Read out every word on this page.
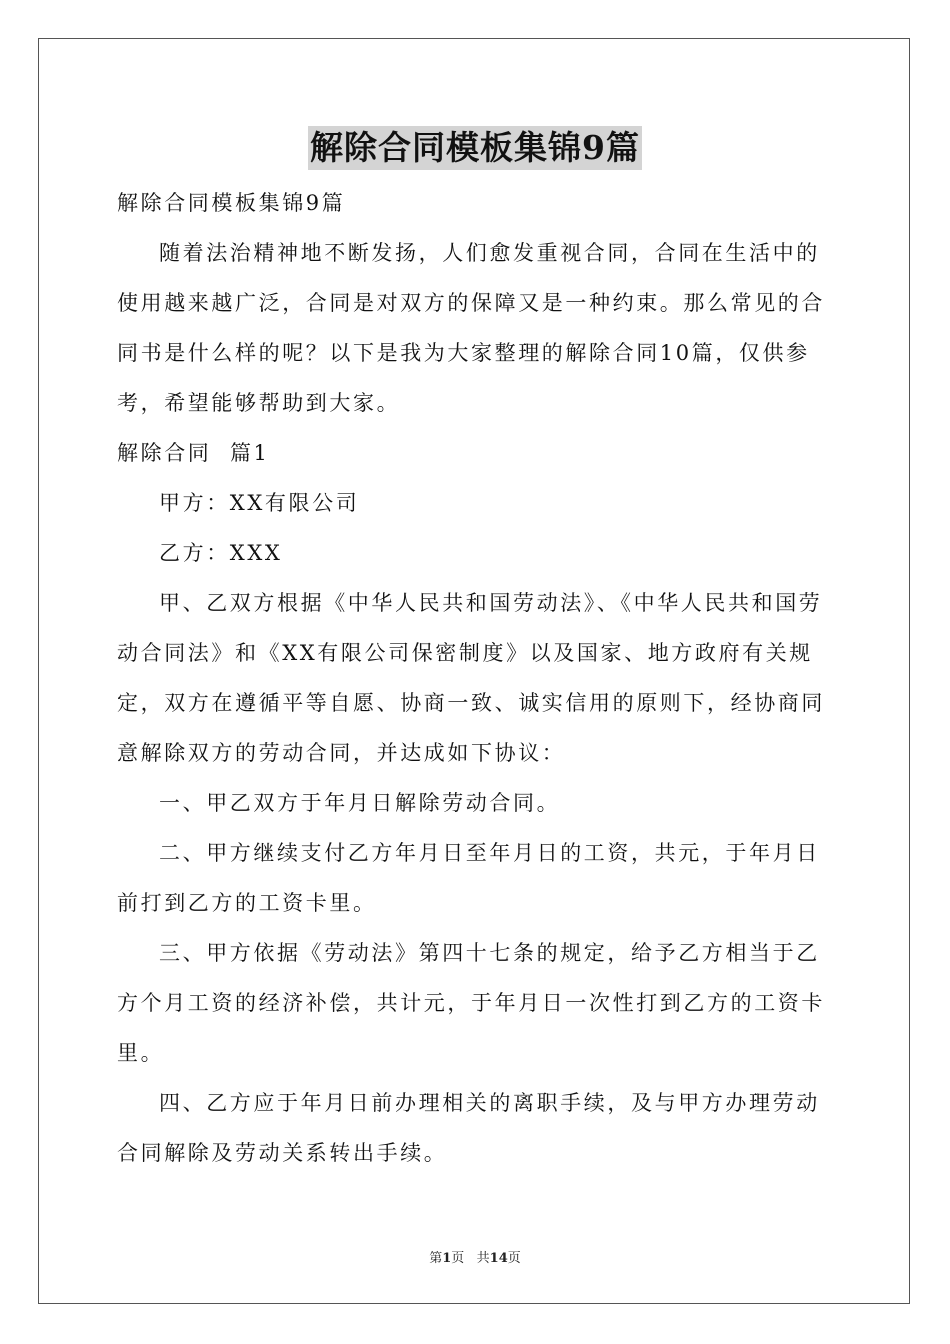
解除合同模板集锦9篇

解除合同模板集锦9篇

随着法治精神地不断发扬，人们愈发重视合同，合同在生活中的使用越来越广泛，合同是对双方的保障又是一种约束。那么常见的合同书是什么样的呢？以下是我为大家整理的解除合同10篇，仅供参考，希望能够帮助到大家。

解除合同  篇1

甲方：XX有限公司

乙方：XXX

甲、乙双方根据《中华人民共和国劳动法》、《中华人民共和国劳动合同法》和《XX有限公司保密制度》以及国家、地方政府有关规定，双方在遵循平等自愿、协商一致、诚实信用的原则下，经协商同意解除双方的劳动合同，并达成如下协议：

一、甲乙双方于年月日解除劳动合同。

二、甲方继续支付乙方年月日至年月日的工资，共元，于年月日前打到乙方的工资卡里。

三、甲方依据《劳动法》第四十七条的规定，给予乙方相当于乙方个月工资的经济补偿，共计元，于年月日一次性打到乙方的工资卡里。

四、乙方应于年月日前办理相关的离职手续，及与甲方办理劳动合同解除及劳动关系转出手续。

第1页   共14页
